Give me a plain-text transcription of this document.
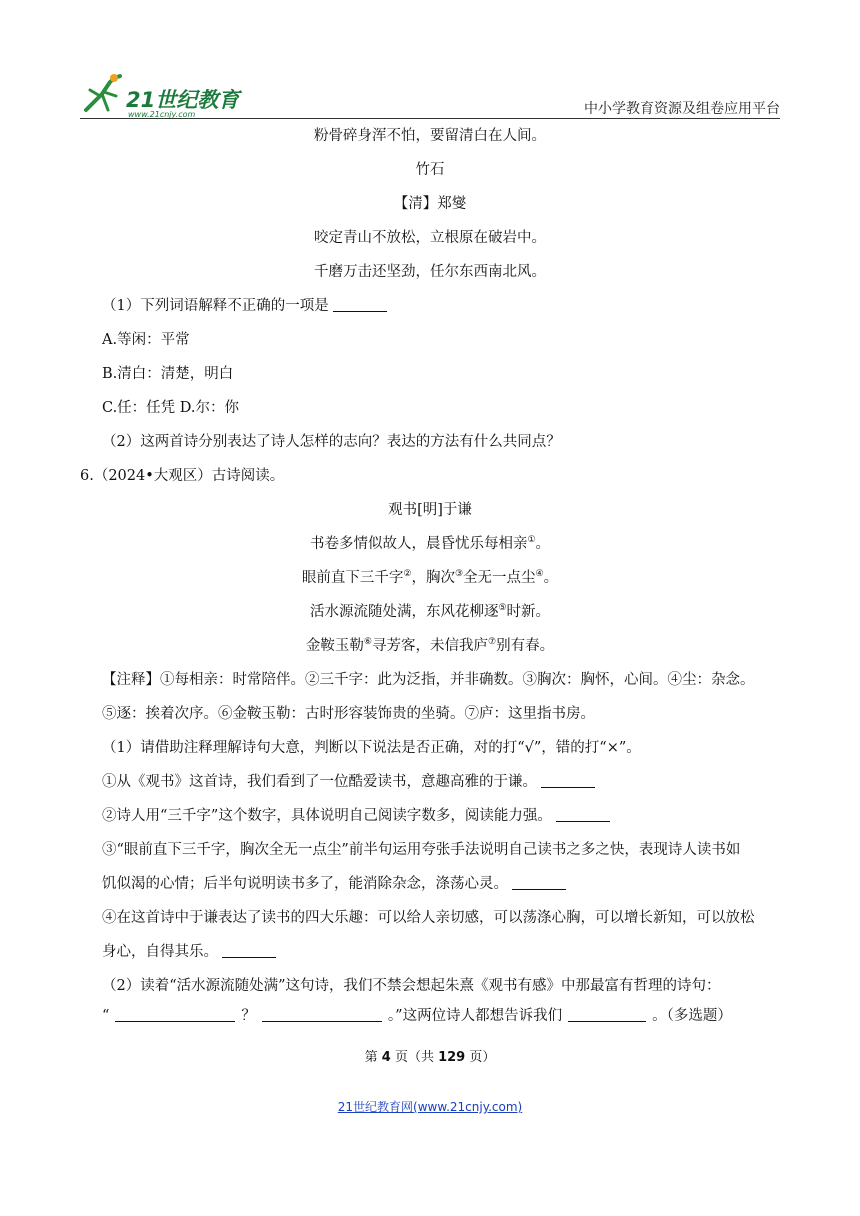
21世纪教育
www.21cnjy.com	中小学教育资源及组卷应用平台
粉骨碎身浑不怕，要留清白在人间。
竹石
【清】郑燮
咬定青山不放松，立根原在破岩中。
千磨万击还坚劲，任尔东西南北风。
（1）下列词语解释不正确的一项是
A.等闲：平常
B.清白：清楚，明白
C.任：任凭 D.尔：你
（2）这两首诗分别表达了诗人怎样的志向？表达的方法有什么共同点？
6.（2024•大观区）古诗阅读。
观书[明]于谦
书卷多情似故人，晨昏忧乐每相亲①。
眼前直下三千字②，胸次③全无一点尘④。
活水源流随处满，东风花柳逐⑤时新。
金鞍玉勒⑥寻芳客，未信我庐⑦别有春。
【注释】①每相亲：时常陪伴。②三千字：此为泛指，并非确数。③胸次：胸怀，心间。④尘：杂念。
⑤逐：挨着次序。⑥金鞍玉勒：古时形容装饰贵的坐骑。⑦庐：这里指书房。
（1）请借助注释理解诗句大意，判断以下说法是否正确，对的打“√”，错的打“×”。
①从《观书》这首诗，我们看到了一位酷爱读书，意趣高雅的于谦。
②诗人用“三千字”这个数字，具体说明自己阅读字数多，阅读能力强。
③“眼前直下三千字，胸次全无一点尘”前半句运用夸张手法说明自己读书之多之快，表现诗人读书如
饥似渴的心情；后半句说明读书多了，能消除杂念，涤荡心灵。
④在这首诗中于谦表达了读书的四大乐趣：可以给人亲切感，可以荡涤心胸，可以增长新知，可以放松
身心，自得其乐。
（2）读着“活水源流随处满”这句诗，我们不禁会想起朱熹《观书有感》中那最富有哲理的诗句：
“	？	。”这两位诗人都想告诉我们	。（多选题）
第 4 页（共 129 页）
21世纪教育网(www.21cnjy.com)
